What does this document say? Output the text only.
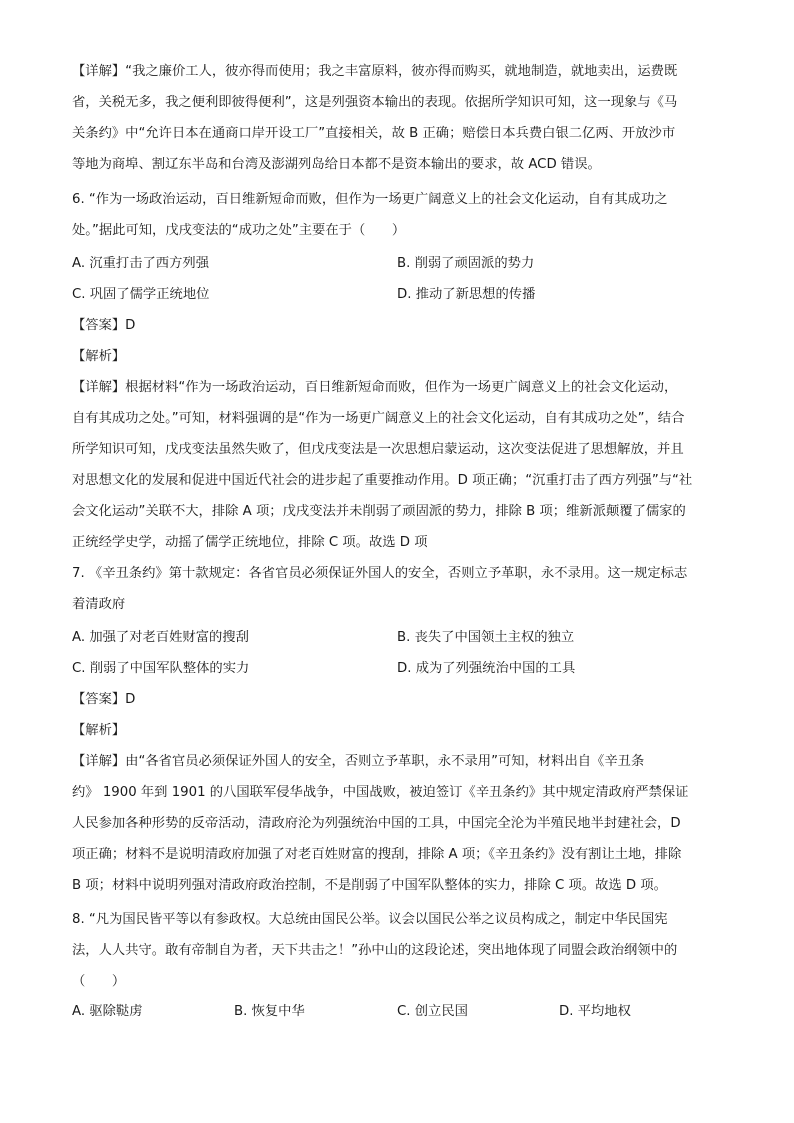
【详解】“我之廉价工人，彼亦得而使用；我之丰富原料，彼亦得而购买，就地制造，就地卖出，运费既
省，关税无多，我之便利即彼得便利”，这是列强资本输出的表现。依据所学知识可知，这一现象与《马
关条约》中“允许日本在通商口岸开设工厂”直接相关，故 B 正确；赔偿日本兵费白银二亿两、开放沙市
等地为商埠、割辽东半岛和台湾及澎湖列岛给日本都不是资本输出的要求，故 ACD 错误。
6. “作为一场政治运动，百日维新短命而败，但作为一场更广阔意义上的社会文化运动，自有其成功之
处。”据此可知，戊戌变法的“成功之处”主要在于（　　）
A. 沉重打击了西方列强	B. 削弱了顽固派的势力
C. 巩固了儒学正统地位	D. 推动了新思想的传播
【答案】D
【解析】
【详解】根据材料“作为一场政治运动，百日维新短命而败，但作为一场更广阔意义上的社会文化运动，
自有其成功之处。”可知，材料强调的是“作为一场更广阔意义上的社会文化运动，自有其成功之处”，结合
所学知识可知，戊戌变法虽然失败了，但戊戌变法是一次思想启蒙运动，这次变法促进了思想解放，并且
对思想文化的发展和促进中国近代社会的进步起了重要推动作用。D 项正确；“沉重打击了西方列强”与“社
会文化运动”关联不大，排除 A 项；戊戌变法并未削弱了顽固派的势力，排除 B 项；维新派颠覆了儒家的
正统经学史学，动摇了儒学正统地位，排除 C 项。故选 D 项
7. 《辛丑条约》第十款规定：各省官员必须保证外国人的安全，否则立予革职，永不录用。这一规定标志
着清政府
A. 加强了对老百姓财富的搜刮	B. 丧失了中国领土主权的独立
C. 削弱了中国军队整体的实力	D. 成为了列强统治中国的工具
【答案】D
【解析】
【详解】由“各省官员必须保证外国人的安全，否则立予革职，永不录用”可知，材料出自《辛丑条
约》 1900 年到 1901 的八国联军侵华战争，中国战败，被迫签订《辛丑条约》其中规定清政府严禁保证
人民参加各种形势的反帝活动，清政府沦为列强统治中国的工具，中国完全沦为半殖民地半封建社会，D
项正确；材料不是说明清政府加强了对老百姓财富的搜刮，排除 A 项；《辛丑条约》没有割让土地，排除
B 项；材料中说明列强对清政府政治控制，不是削弱了中国军队整体的实力，排除 C 项。故选 D 项。
8. “凡为国民皆平等以有参政权。大总统由国民公举。议会以国民公举之议员构成之，制定中华民国宪
法，人人共守。敢有帝制自为者，天下共击之！”孙中山的这段论述，突出地体现了同盟会政治纲领中的
（　　）
A. 驱除鞑虏	B. 恢复中华	C. 创立民国	D. 平均地权
